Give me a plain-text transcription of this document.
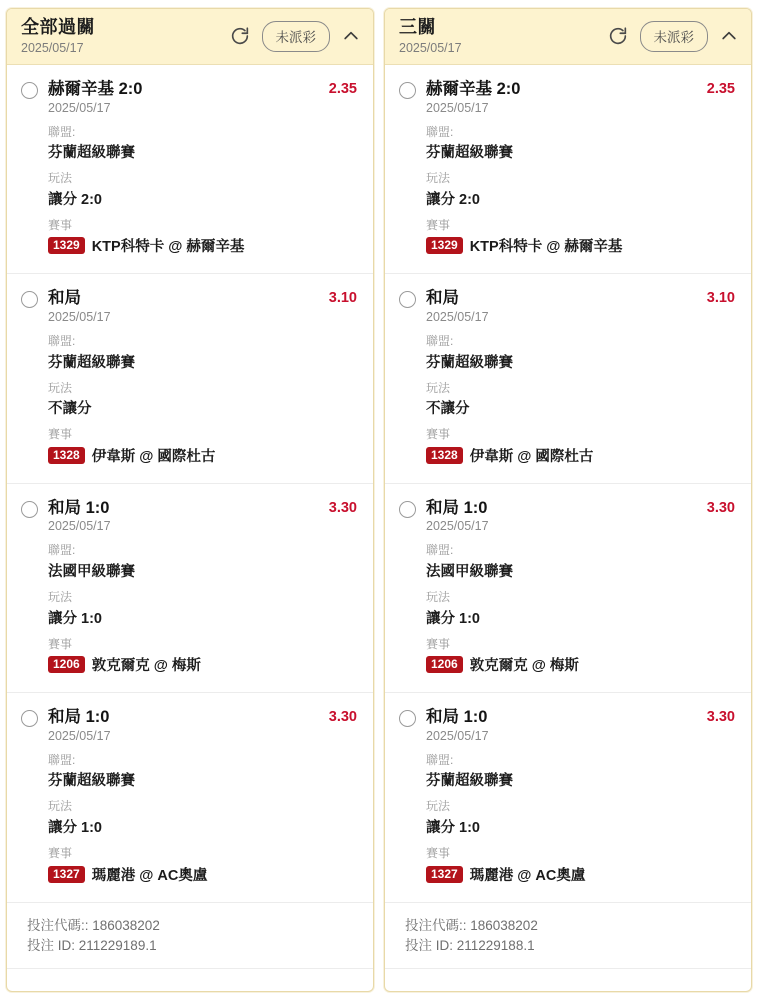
全部過關
2025/05/17
未派彩
赫爾辛基 2:0
2025/05/17
2.35
聯盟:
芬蘭超級聯賽
玩法
讓分 2:0
賽事
1329 KTP科特卡 @ 赫爾辛基
和局
2025/05/17
3.10
聯盟:
芬蘭超級聯賽
玩法
不讓分
賽事
1328 伊韋斯 @ 國際杜古
和局 1:0
2025/05/17
3.30
聯盟:
法國甲級聯賽
玩法
讓分 1:0
賽事
1206 敦克爾克 @ 梅斯
和局 1:0
2025/05/17
3.30
聯盟:
芬蘭超級聯賽
玩法
讓分 1:0
賽事
1327 瑪麗港 @ AC奧盧
投注代碼:: 186038202
投注 ID: 211229189.1
三關
2025/05/17
未派彩
赫爾辛基 2:0
2025/05/17
2.35
聯盟:
芬蘭超級聯賽
玩法
讓分 2:0
賽事
1329 KTP科特卡 @ 赫爾辛基
和局
2025/05/17
3.10
聯盟:
芬蘭超級聯賽
玩法
不讓分
賽事
1328 伊韋斯 @ 國際杜古
和局 1:0
2025/05/17
3.30
聯盟:
法國甲級聯賽
玩法
讓分 1:0
賽事
1206 敦克爾克 @ 梅斯
和局 1:0
2025/05/17
3.30
聯盟:
芬蘭超級聯賽
玩法
讓分 1:0
賽事
1327 瑪麗港 @ AC奧盧
投注代碼:: 186038202
投注 ID: 211229188.1
